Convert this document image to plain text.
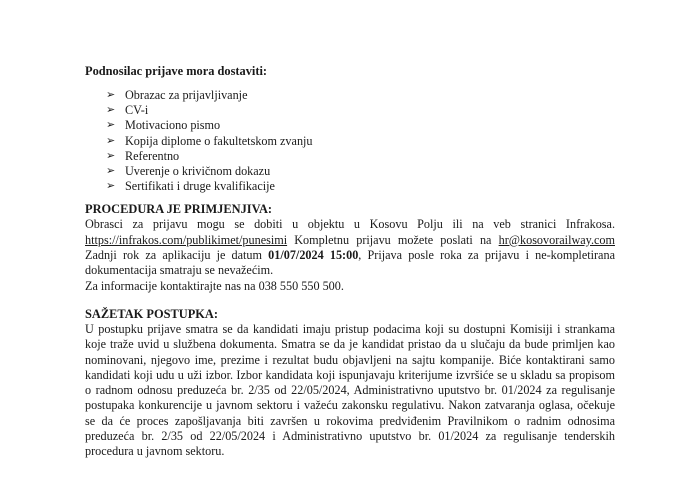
Podnosilac prijave mora dostaviti:

➢ Obrazac za prijavljivanje
➢ CV-i
➢ Motivaciono pismo
➢ Kopija diplome o fakultetskom zvanju
➢ Referentno
➢ Uverenje o krivičnom dokazu
➢ Sertifikati i druge kvalifikacije

PROCEDURA JE PRIMJENJIVA:

Obrasci za prijavu mogu se dobiti u objektu u Kosovu Polju ili na veb stranici Infrakosa.

https://infrakos.com/publikimet/punesimi Kompletnu prijavu možete poslati na hr@kosovorailway.com Zadnji rok za aplikaciju je datum 01/07/2024 15:00, Prijava posle roka za prijavu i ne-kompletirana dokumentacija smatraju se nevažećim.

Za informacije kontaktirajte nas na 038 550 550 500.

SAŽETAK POSTUPKA:

U postupku prijave smatra se da kandidati imaju pristup podacima koji su dostupni Komisiji i strankama koje traže uvid u službena dokumenta. Smatra se da je kandidat pristao da u slučaju da bude primljen kao nominovani, njegovo ime, prezime i rezultat budu objavljeni na sajtu kompanije. Biće kontaktirani samo kandidati koji udu u uži izbor. Izbor kandidata koji ispunjavaju kriterijume izvršiće se u skladu sa propisom o radnom odnosu preduzeća br. 2/35 od 22/05/2024, Administrativno uputstvo br. 01/2024 za regulisanje postupaka konkurencije u javnom sektoru i važeću zakonsku regulativu. Nakon zatvaranja oglasa, očekuje se da će proces zapošljavanja biti završen u rokovima predviđenim Pravilnikom o radnim odnosima preduzeća br. 2/35 od 22/05/2024 i Administrativno uputstvo br. 01/2024 za regulisanje tenderskih procedura u javnom sektoru.
